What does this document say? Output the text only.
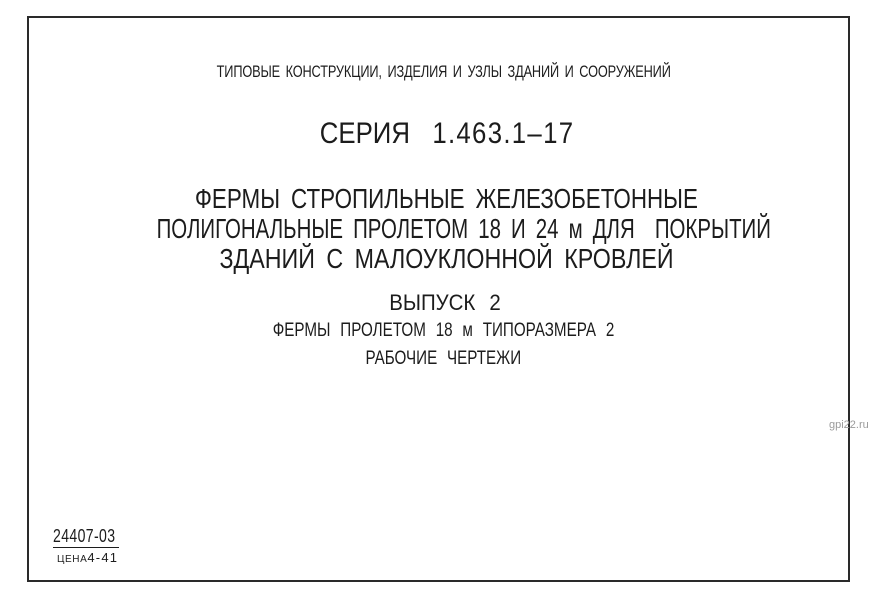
ТИПОВЫЕ КОНСТРУКЦИИ, ИЗДЕЛИЯ И УЗЛЫ ЗДАНИЙ И СООРУЖЕНИЙ

СЕРИЯ 1.463.1–17

ФЕРМЫ СТРОПИЛЬНЫЕ ЖЕЛЕЗОБЕТОННЫЕ

ПОЛИГОНАЛЬНЫЕ ПРОЛЕТОМ 18 И 24 м ДЛЯ  ПОКРЫТИЙ

ЗДАНИЙ С МАЛОУКЛОННОЙ КРОВЛЕЙ

ВЫПУСК 2

ФЕРМЫ ПРОЛЕТОМ 18 м ТИПОРАЗМЕРА 2

РАБОЧИЕ ЧЕРТЕЖИ

24407-03
ЦЕНА 4-41
gpi22.ru
